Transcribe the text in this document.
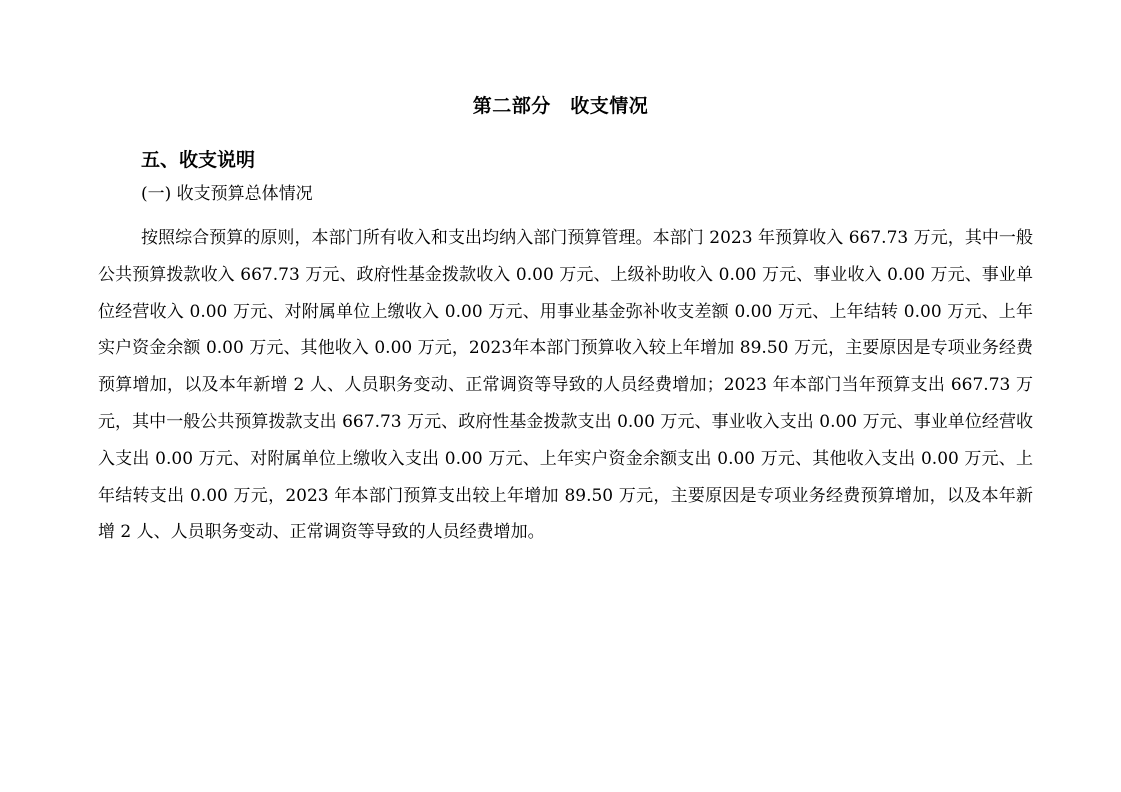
第二部分　收支情况
五、收支说明
(一) 收支预算总体情况

按照综合预算的原则，本部门所有收入和支出均纳入部门预算管理。本部门 2023 年预算收入 667.73 万元，其中一般公共预算拨款收入 667.73 万元、政府性基金拨款收入 0.00 万元、上级补助收入 0.00 万元、事业收入 0.00 万元、事业单位经营收入 0.00 万元、对附属单位上缴收入 0.00 万元、用事业基金弥补收支差额 0.00 万元、上年结转 0.00 万元、上年实户资金余额 0.00 万元、其他收入 0.00 万元，2023年本部门预算收入较上年增加 89.50 万元，主要原因是专项业务经费预算增加，以及本年新增 2 人、人员职务变动、正常调资等导致的人员经费增加；2023 年本部门当年预算支出 667.73 万元，其中一般公共预算拨款支出 667.73 万元、政府性基金拨款支出 0.00 万元、事业收入支出 0.00 万元、事业单位经营收入支出 0.00 万元、对附属单位上缴收入支出 0.00 万元、上年实户资金余额支出 0.00 万元、其他收入支出 0.00 万元、上年结转支出 0.00 万元，2023 年本部门预算支出较上年增加 89.50 万元，主要原因是专项业务经费预算增加，以及本年新增 2 人、人员职务变动、正常调资等导致的人员经费增加。
